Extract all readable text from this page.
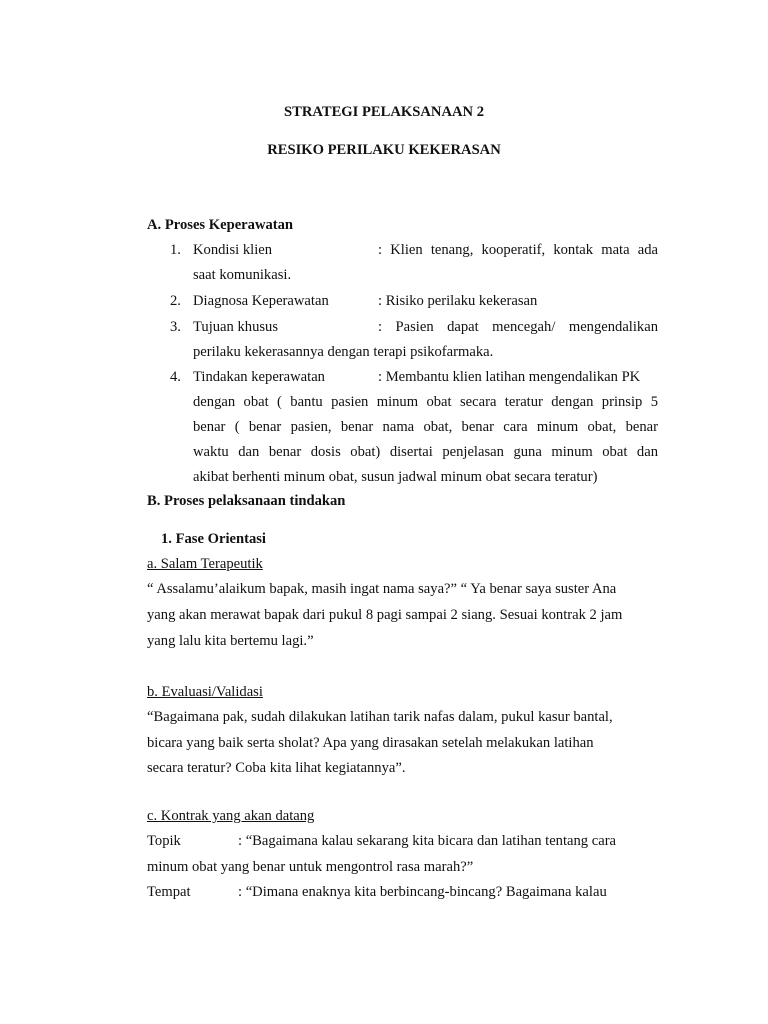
STRATEGI PELAKSANAAN 2
RESIKO PERILAKU KEKERASAN
A. Proses Keperawatan
1. Kondisi klien	: Klien tenang, kooperatif, kontak mata ada
saat komunikasi.
2. Diagnosa Keperawatan	: Risiko perilaku kekerasan
3. Tujuan khusus	: Pasien dapat mencegah/ mengendalikan
perilaku kekerasannya dengan terapi psikofarmaka.
4. Tindakan keperawatan	: Membantu klien latihan mengendalikan PK
dengan obat ( bantu pasien minum obat secara teratur dengan prinsip 5
benar ( benar pasien, benar nama obat, benar cara minum obat, benar
waktu dan benar dosis obat) disertai penjelasan guna minum obat dan
akibat berhenti minum obat, susun jadwal minum obat secara teratur)
B. Proses pelaksanaan tindakan
1. Fase Orientasi
a. Salam Terapeutik
“ Assalamu’alaikum bapak, masih ingat nama saya?” “ Ya benar saya suster Ana
yang akan merawat bapak dari pukul 8 pagi sampai 2 siang. Sesuai kontrak 2 jam
yang lalu kita bertemu lagi.”
b. Evaluasi/Validasi
“Bagaimana pak, sudah dilakukan latihan tarik nafas dalam, pukul kasur bantal,
bicara yang baik serta sholat? Apa yang dirasakan setelah melakukan latihan
secara teratur? Coba kita lihat kegiatannya”.
c. Kontrak yang akan datang
Topik	: “Bagaimana kalau sekarang kita bicara dan latihan tentang cara
minum obat yang benar untuk mengontrol rasa marah?”
Tempat	: “Dimana enaknya kita berbincang-bincang? Bagaimana kalau
